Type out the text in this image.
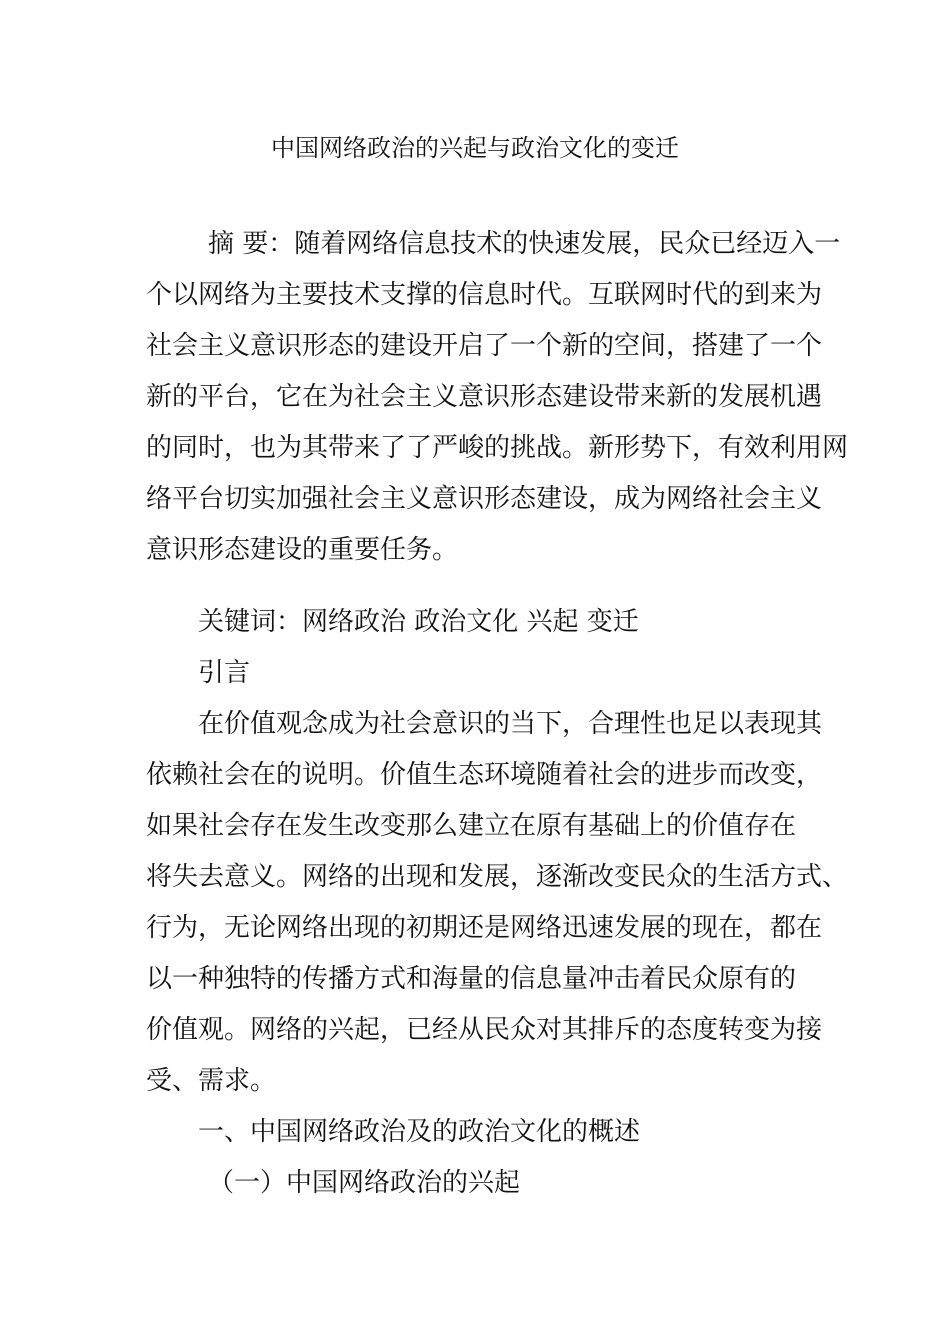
中国网络政治的兴起与政治文化的变迁
摘 要：随着网络信息技术的快速发展，民众已经迈入一
个以网络为主要技术支撑的信息时代。互联网时代的到来为
社会主义意识形态的建设开启了一个新的空间，搭建了一个
新的平台，它在为社会主义意识形态建设带来新的发展机遇
的同时，也为其带来了了严峻的挑战。新形势下，有效利用网
络平台切实加强社会主义意识形态建设，成为网络社会主义
意识形态建设的重要任务。
关键词：网络政治 政治文化 兴起 变迁
引言
在价值观念成为社会意识的当下，合理性也足以表现其
依赖社会在的说明。价值生态环境随着社会的进步而改变，
如果社会存在发生改变那么建立在原有基础上的价值存在
将失去意义。网络的出现和发展，逐渐改变民众的生活方式、
行为，无论网络出现的初期还是网络迅速发展的现在，都在
以一种独特的传播方式和海量的信息量冲击着民众原有的
价值观。网络的兴起，已经从民众对其排斥的态度转变为接
受、需求。
一、中国网络政治及的政治文化的概述
（一）中国网络政治的兴起
